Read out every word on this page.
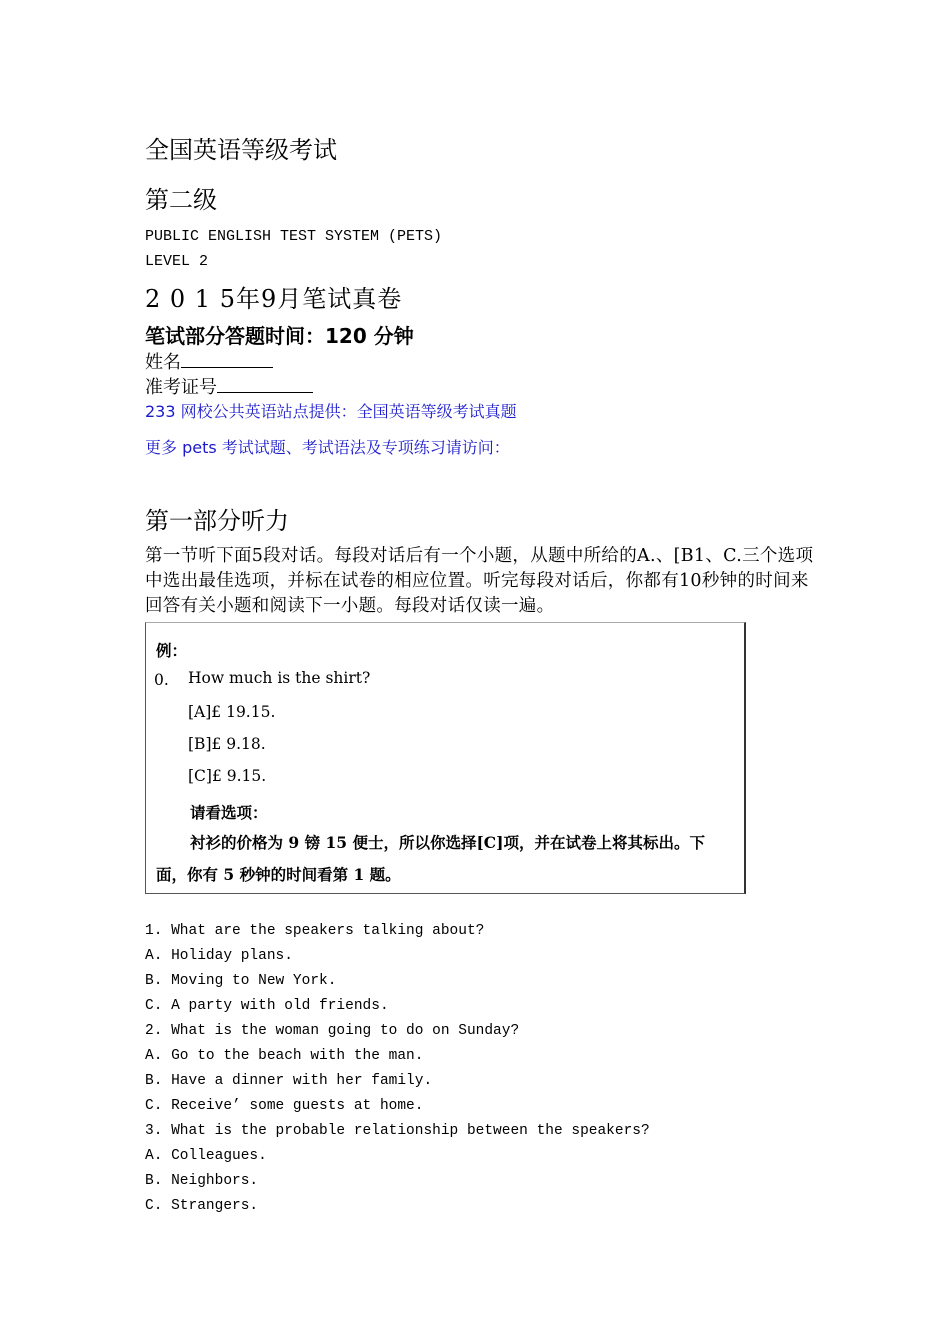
全国英语等级考试
第二级
PUBLIC ENGLISH TEST SYSTEM (PETS)
LEVEL 2
2 0 1 5年9月笔试真卷
笔试部分答题时间：120 分钟
姓名
准考证号
233 网校公共英语站点提供：全国英语等级考试真题
更多 pets 考试试题、考试语法及专项练习请访问：
第一部分听力
第一节听下面5段对话。每段对话后有一个小题，从题中所给的A.、[B1、C.三个选项中选出最佳选项，并标在试卷的相应位置。听完每段对话后，你都有10秒钟的时间来回答有关小题和阅读下一小题。每段对话仅读一遍。
例：
0. How much is the shirt?
[A]£ 19.15.
[B]£ 9.18.
[C]£ 9.15.
请看选项：
衬衫的价格为 9 镑 15 便士，所以你选择[C]项，并在试卷上将其标出。下
面，你有 5 秒钟的时间看第 1 题。
1. What are the speakers talking about?
A. Holiday plans.
B. Moving to New York.
C. A party with old friends.
2. What is the woman going to do on Sunday?
A. Go to the beach with the man.
B. Have a dinner with her family.
C. Receive’ some guests at home.
3. What is the probable relationship between the speakers?
A. Colleagues.
B. Neighbors.
C. Strangers.
